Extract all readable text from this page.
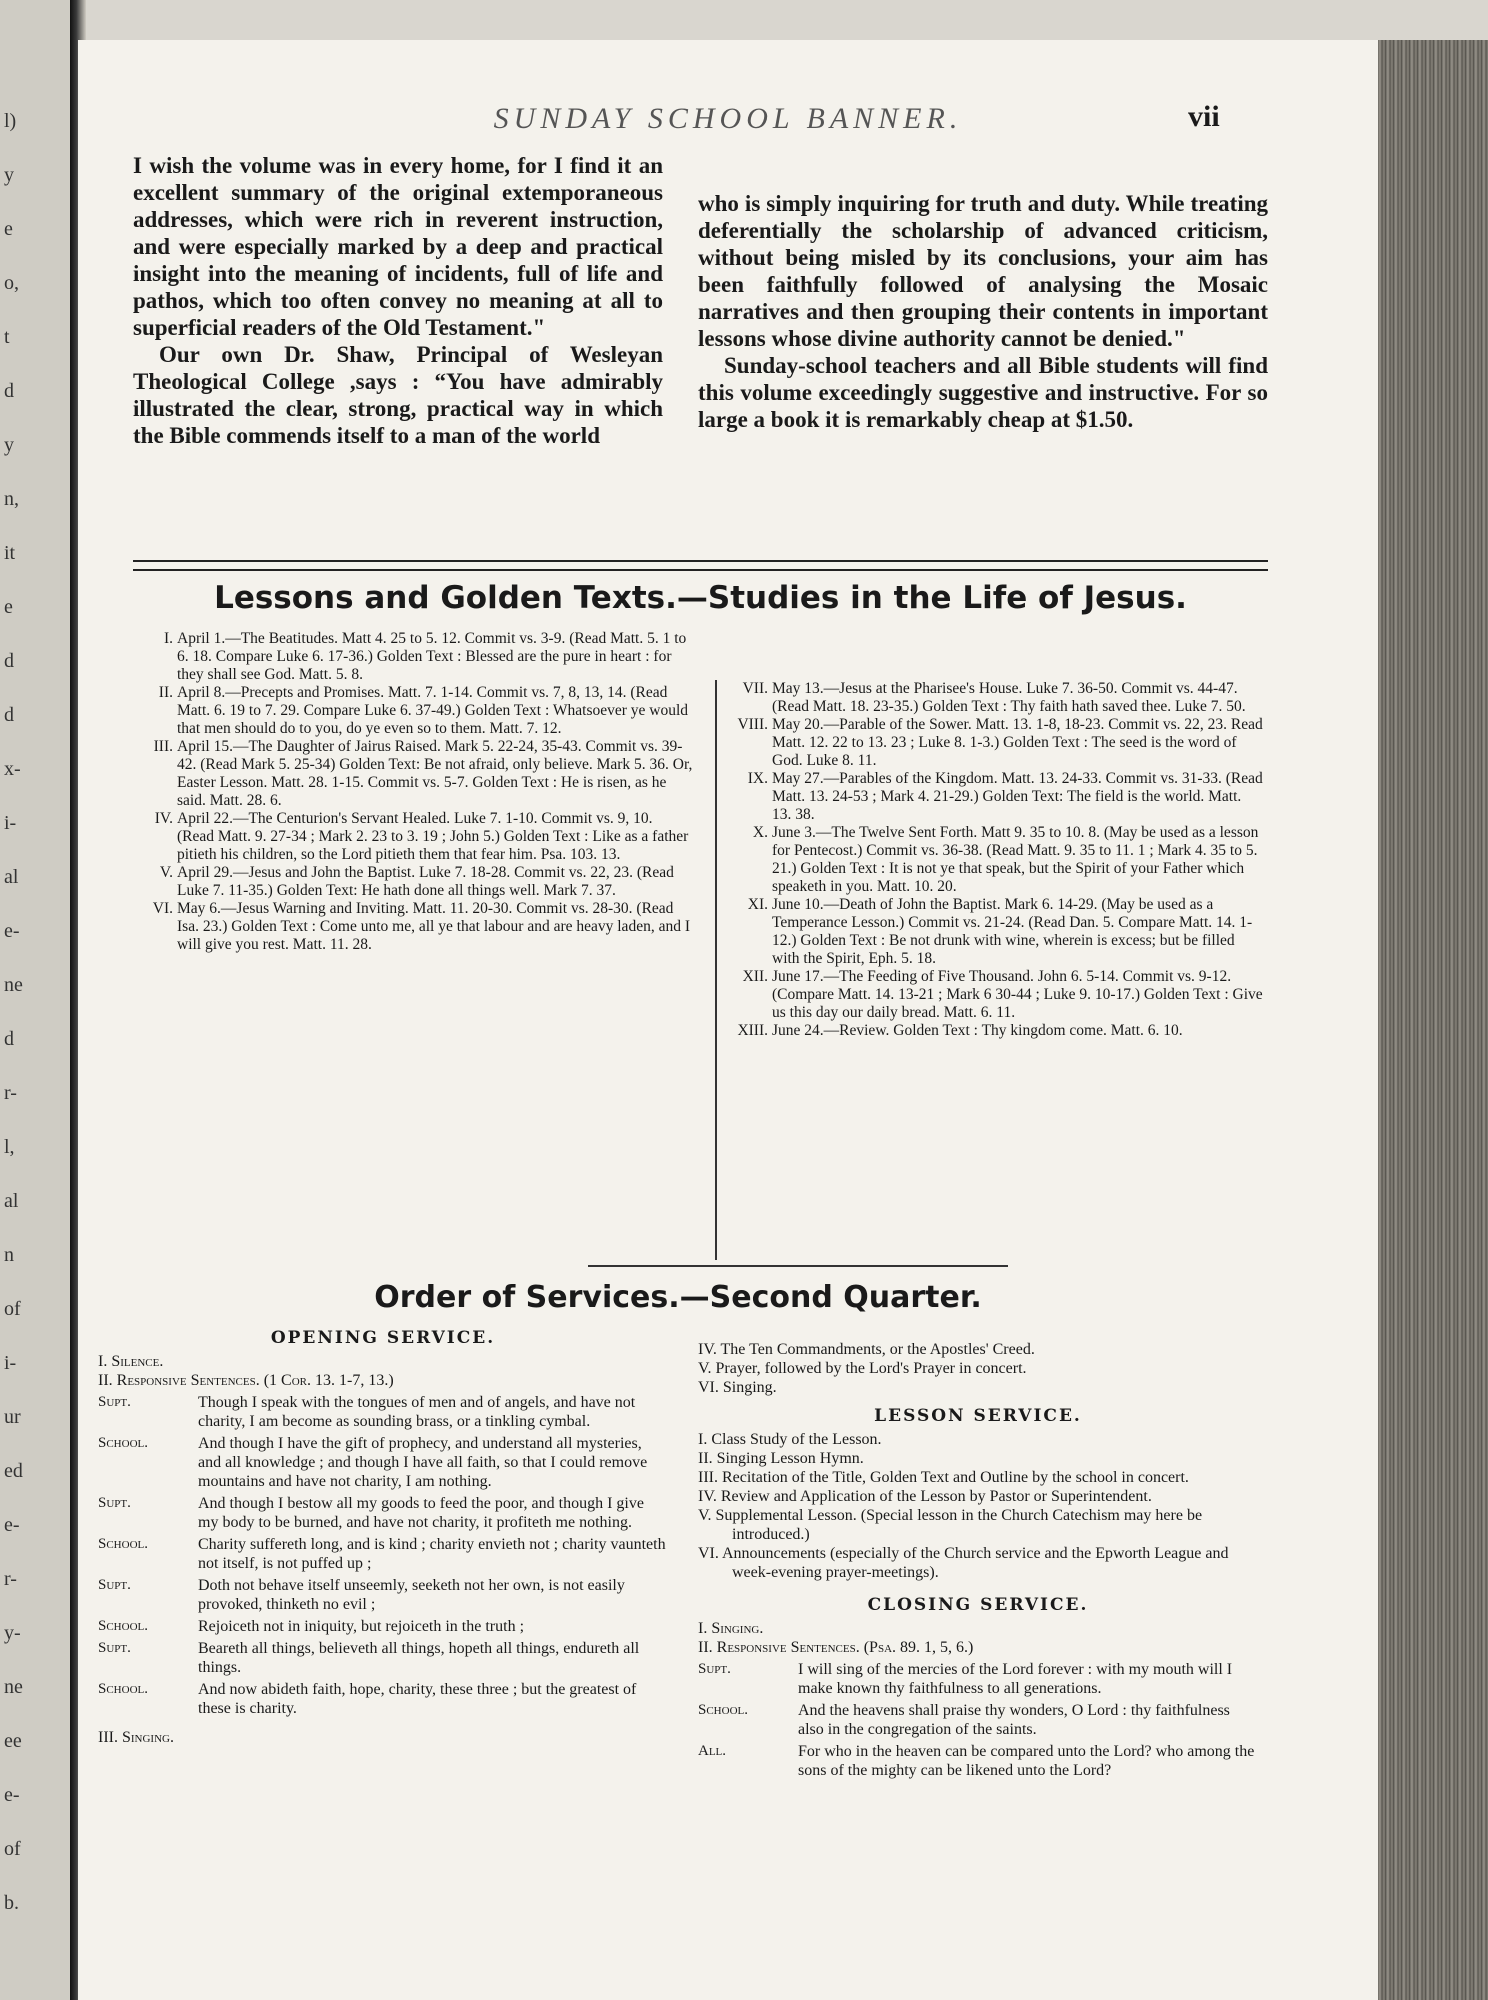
l)
y
e
o,
t
d
y
n,
it
e
d
d
x-
i-
al
e-
ne
d
r-
l,
al
n
of
i-
ur
ed
e-
r-
y-
ne
ee
e-
of
b.
SUNDAY SCHOOL BANNER.	vii

I wish the volume was in every home, for I find it an excellent summary of the original extemporaneous addresses, which were rich in reverent instruction, and were especially marked by a deep and practical insight into the meaning of incidents, full of life and pathos, which too often convey no meaning at all to superficial readers of the Old Testament."

Our own Dr. Shaw, Principal of Wesleyan Theological College ,says : “You have admirably illustrated the clear, strong, practical way in which the Bible commends itself to a man of the world

who is simply inquiring for truth and duty. While treating deferentially the scholarship of advanced criticism, without being misled by its conclusions, your aim has been faithfully followed of analysing the Mosaic narratives and then grouping their contents in important lessons whose divine authority cannot be denied."

Sunday-school teachers and all Bible students will find this volume exceedingly suggestive and instructive. For so large a book it is remarkably cheap at $1.50.

Lessons and Golden Texts.—Studies in the Life of Jesus.

I. April 1.—The Beatitudes. Matt 4. 25 to 5. 12. Commit vs. 3-9. (Read Matt. 5. 1 to 6. 18. Compare Luke 6. 17-36.) Golden Text : Blessed are the pure in heart : for they shall see God. Matt. 5. 8.

II. April 8.—Precepts and Promises. Matt. 7. 1-14. Commit vs. 7, 8, 13, 14. (Read Matt. 6. 19 to 7. 29. Compare Luke 6. 37-49.) Golden Text : Whatsoever ye would that men should do to you, do ye even so to them. Matt. 7. 12.

III. April 15.—The Daughter of Jairus Raised. Mark 5. 22-24, 35-43. Commit vs. 39-42. (Read Mark 5. 25-34) Golden Text: Be not afraid, only believe. Mark 5. 36. Or, Easter Lesson. Matt. 28. 1-15. Commit vs. 5-7. Golden Text : He is risen, as he said. Matt. 28. 6.

IV. April 22.—The Centurion's Servant Healed. Luke 7. 1-10. Commit vs. 9, 10. (Read Matt. 9. 27-34 ; Mark 2. 23 to 3. 19 ; John 5.) Golden Text : Like as a father pitieth his children, so the Lord pitieth them that fear him. Psa. 103. 13.

V. April 29.—Jesus and John the Baptist. Luke 7. 18-28. Commit vs. 22, 23. (Read Luke 7. 11-35.) Golden Text: He hath done all things well. Mark 7. 37.

VI. May 6.—Jesus Warning and Inviting. Matt. 11. 20-30. Commit vs. 28-30. (Read Isa. 23.) Golden Text : Come unto me, all ye that labour and are heavy laden, and I will give you rest. Matt. 11. 28.

VII. May 13.—Jesus at the Pharisee's House. Luke 7. 36-50. Commit vs. 44-47. (Read Matt. 18. 23-35.) Golden Text : Thy faith hath saved thee. Luke 7. 50.

VIII. May 20.—Parable of the Sower. Matt. 13. 1-8, 18-23. Commit vs. 22, 23. Read Matt. 12. 22 to 13. 23 ; Luke 8. 1-3.) Golden Text : The seed is the word of God. Luke 8. 11.

IX. May 27.—Parables of the Kingdom. Matt. 13. 24-33. Commit vs. 31-33. (Read Matt. 13. 24-53 ; Mark 4. 21-29.) Golden Text: The field is the world. Matt. 13. 38.

X. June 3.—The Twelve Sent Forth. Matt 9. 35 to 10. 8. (May be used as a lesson for Pentecost.) Commit vs. 36-38. (Read Matt. 9. 35 to 11. 1 ; Mark 4. 35 to 5. 21.) Golden Text : It is not ye that speak, but the Spirit of your Father which speaketh in you. Matt. 10. 20.

XI. June 10.—Death of John the Baptist. Mark 6. 14-29. (May be used as a Temperance Lesson.) Commit vs. 21-24. (Read Dan. 5. Compare Matt. 14. 1-12.) Golden Text : Be not drunk with wine, wherein is excess; but be filled with the Spirit, Eph. 5. 18.

XII. June 17.—The Feeding of Five Thousand. John 6. 5-14. Commit vs. 9-12. (Compare Matt. 14. 13-21 ; Mark 6 30-44 ; Luke 9. 10-17.) Golden Text : Give us this day our daily bread. Matt. 6. 11.

XIII. June 24.—Review. Golden Text : Thy kingdom come. Matt. 6. 10.

Order of Services.—Second Quarter.
OPENING SERVICE.

I. Silence.

II. Responsive Sentences. (1 Cor. 13. 1-7, 13.)

Supt.	Though I speak with the tongues of men and of angels, and have not charity, I am become as sounding brass, or a tinkling cymbal.
School.	And though I have the gift of prophecy, and understand all mysteries, and all knowledge ; and though I have all faith, so that I could remove mountains and have not charity, I am nothing.
Supt.	And though I bestow all my goods to feed the poor, and though I give my body to be burned, and have not charity, it profiteth me nothing.
School.	Charity suffereth long, and is kind ; charity envieth not ; charity vaunteth not itself, is not puffed up ;
Supt.	Doth not behave itself unseemly, seeketh not her own, is not easily provoked, thinketh no evil ;
School.	Rejoiceth not in iniquity, but rejoiceth in the truth ;
Supt.	Beareth all things, believeth all things, hopeth all things, endureth all things.
School.	And now abideth faith, hope, charity, these three ; but the greatest of these is charity.

III. Singing.

IV. The Ten Commandments, or the Apostles' Creed.

V. Prayer, followed by the Lord's Prayer in concert.

VI. Singing.

LESSON SERVICE.

I. Class Study of the Lesson.

II. Singing Lesson Hymn.

III. Recitation of the Title, Golden Text and Outline by the school in concert.

IV. Review and Application of the Lesson by Pastor or Superintendent.

V. Supplemental Lesson. (Special lesson in the Church Catechism may here be introduced.)

VI. Announcements (especially of the Church service and the Epworth League and week-evening prayer-meetings).

CLOSING SERVICE.

I. Singing.

II. Responsive Sentences. (Psa. 89. 1, 5, 6.)

Supt.	I will sing of the mercies of the Lord forever : with my mouth will I make known thy faithfulness to all generations.
School.	And the heavens shall praise thy wonders, O Lord : thy faithfulness also in the congregation of the saints.
All.	For who in the heaven can be compared unto the Lord? who among the sons of the mighty can be likened unto the Lord?
